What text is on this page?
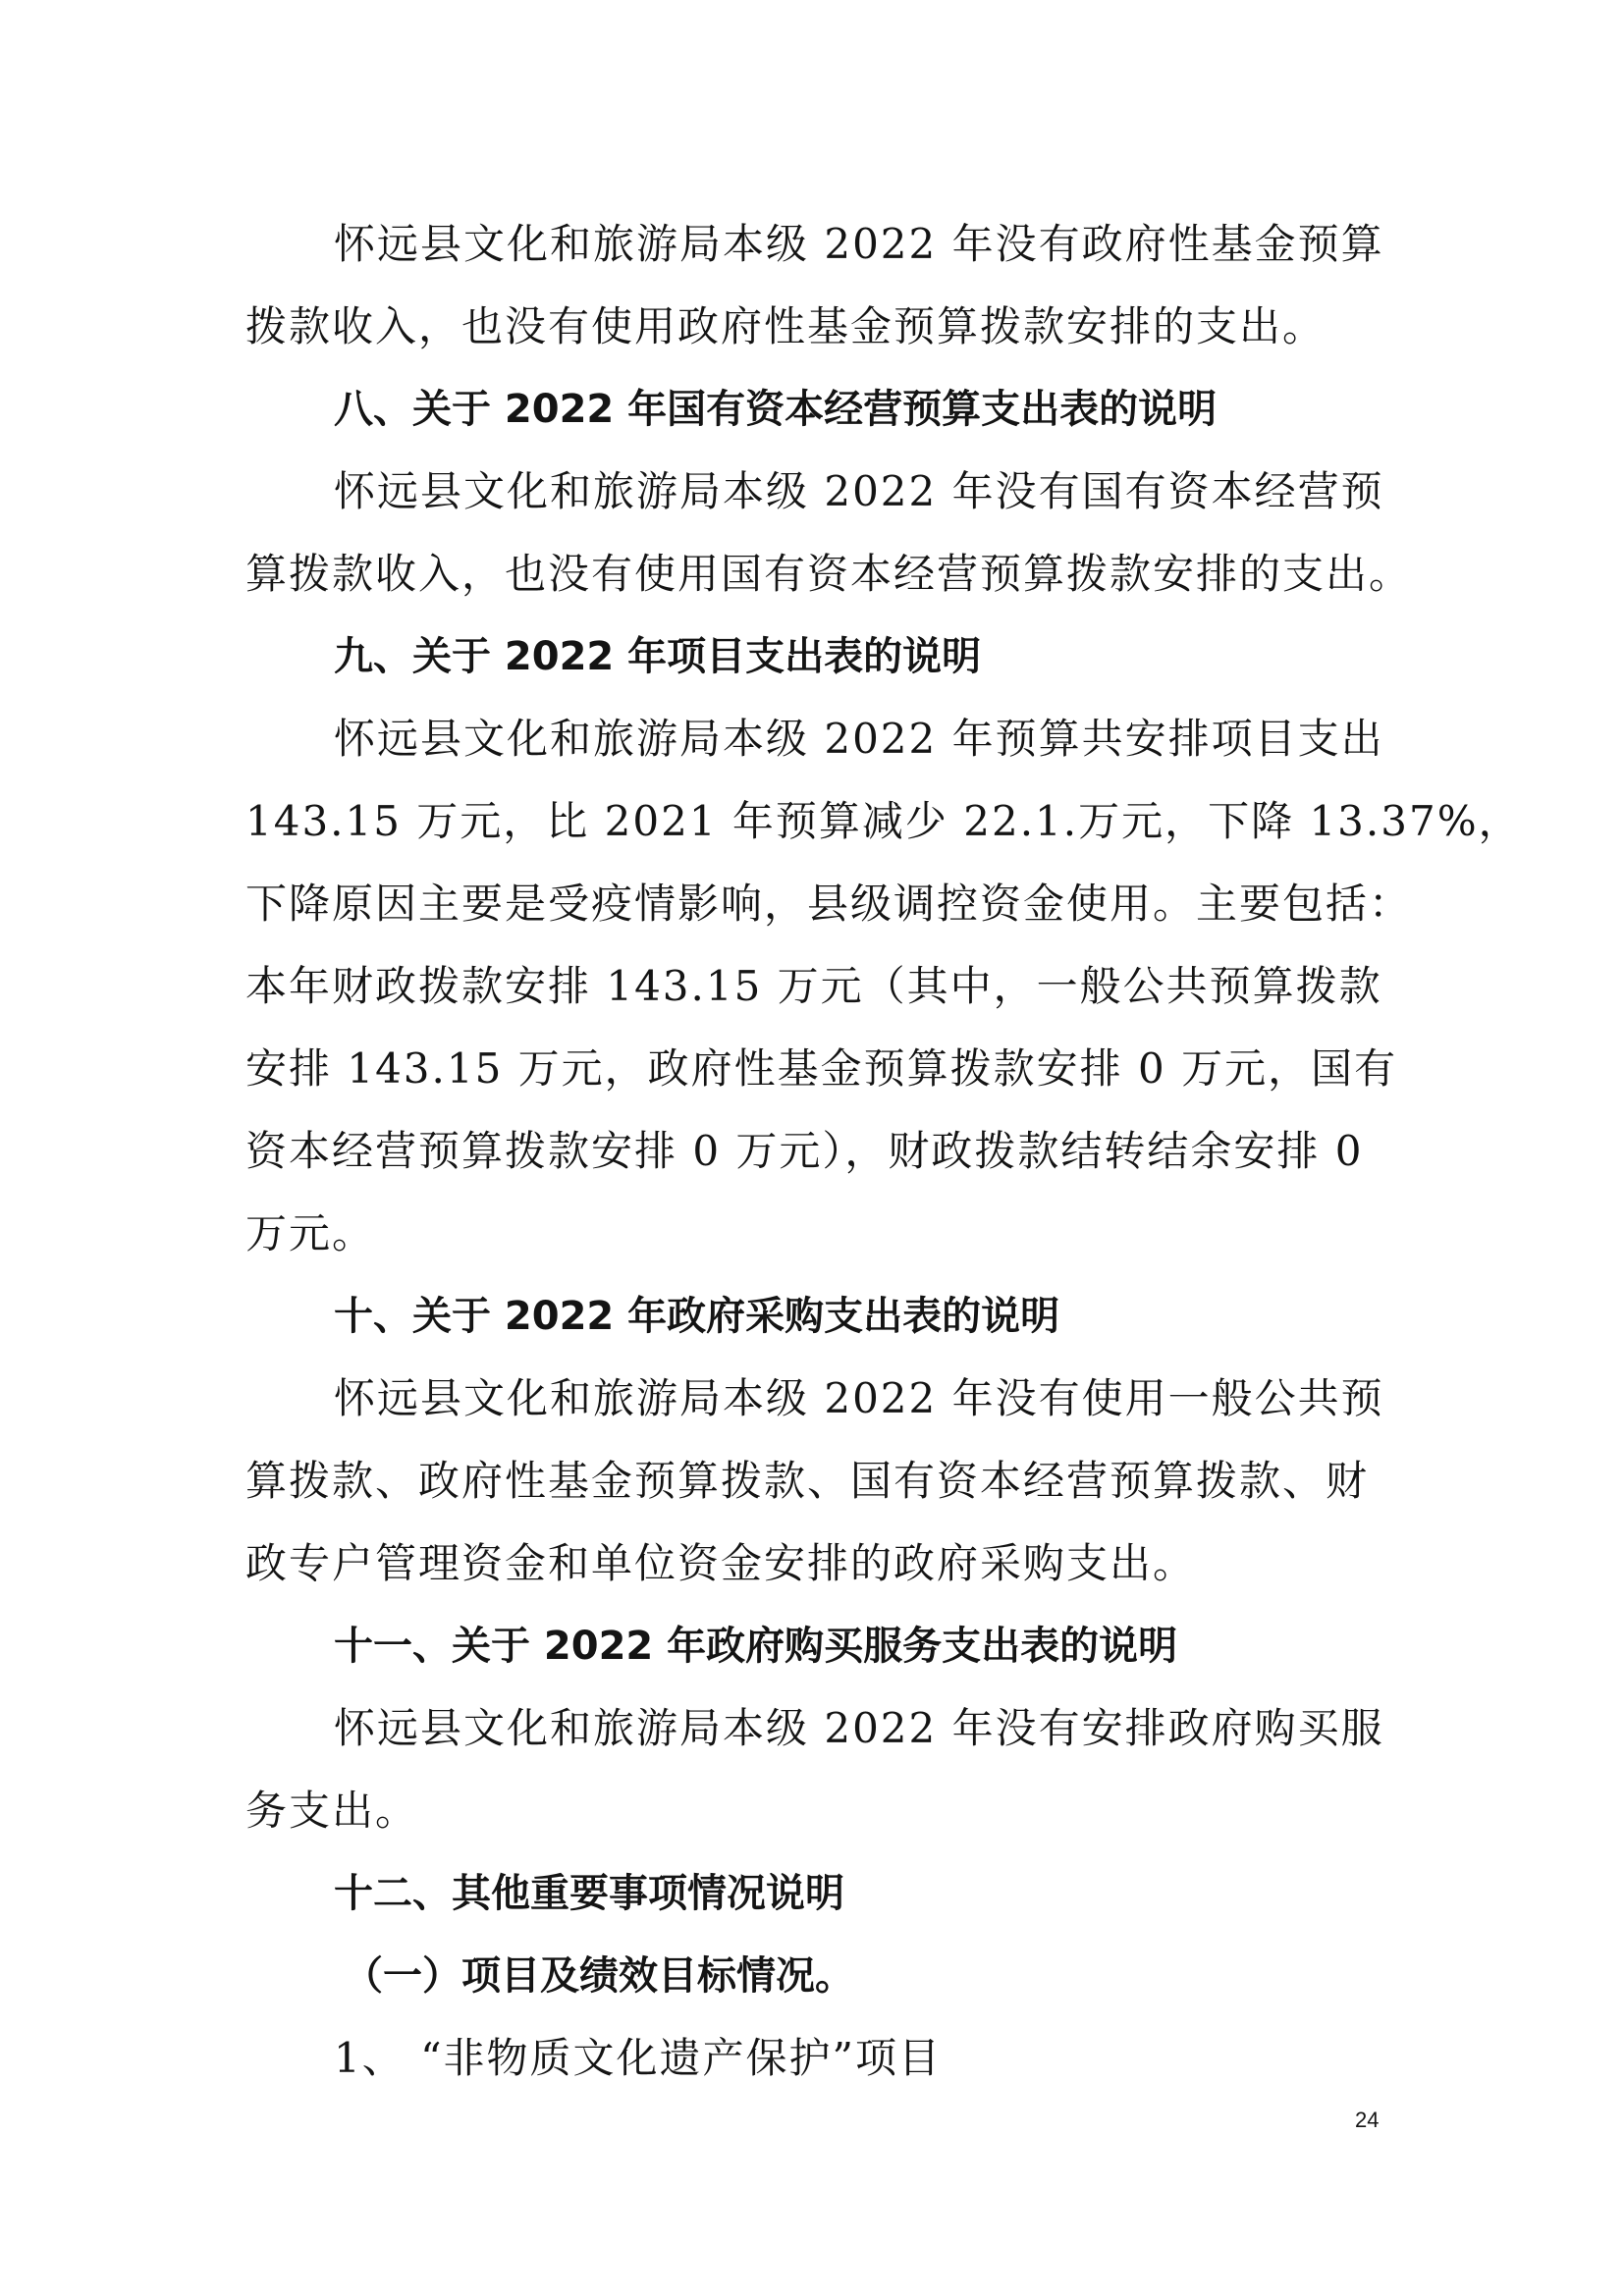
怀远县文化和旅游局本级 2022 年没有政府性基金预算
拨款收入，也没有使用政府性基金预算拨款安排的支出。
八、关于 2022 年国有资本经营预算支出表的说明
怀远县文化和旅游局本级 2022 年没有国有资本经营预
算拨款收入，也没有使用国有资本经营预算拨款安排的支出。
九、关于 2022 年项目支出表的说明
怀远县文化和旅游局本级 2022 年预算共安排项目支出
143.15 万元，比 2021 年预算减少 22.1.万元，下降 13.37%，
下降原因主要是受疫情影响，县级调控资金使用。主要包括：
本年财政拨款安排 143.15 万元（其中，一般公共预算拨款
安排 143.15 万元，政府性基金预算拨款安排 0 万元，国有
资本经营预算拨款安排 0 万元），财政拨款结转结余安排 0
万元。
十、关于 2022 年政府采购支出表的说明
怀远县文化和旅游局本级 2022 年没有使用一般公共预
算拨款、政府性基金预算拨款、国有资本经营预算拨款、财
政专户管理资金和单位资金安排的政府采购支出。
十一、关于 2022 年政府购买服务支出表的说明
怀远县文化和旅游局本级 2022 年没有安排政府购买服
务支出。
十二、其他重要事项情况说明
（一）项目及绩效目标情况。
1、 “非物质文化遗产保护”项目
24
